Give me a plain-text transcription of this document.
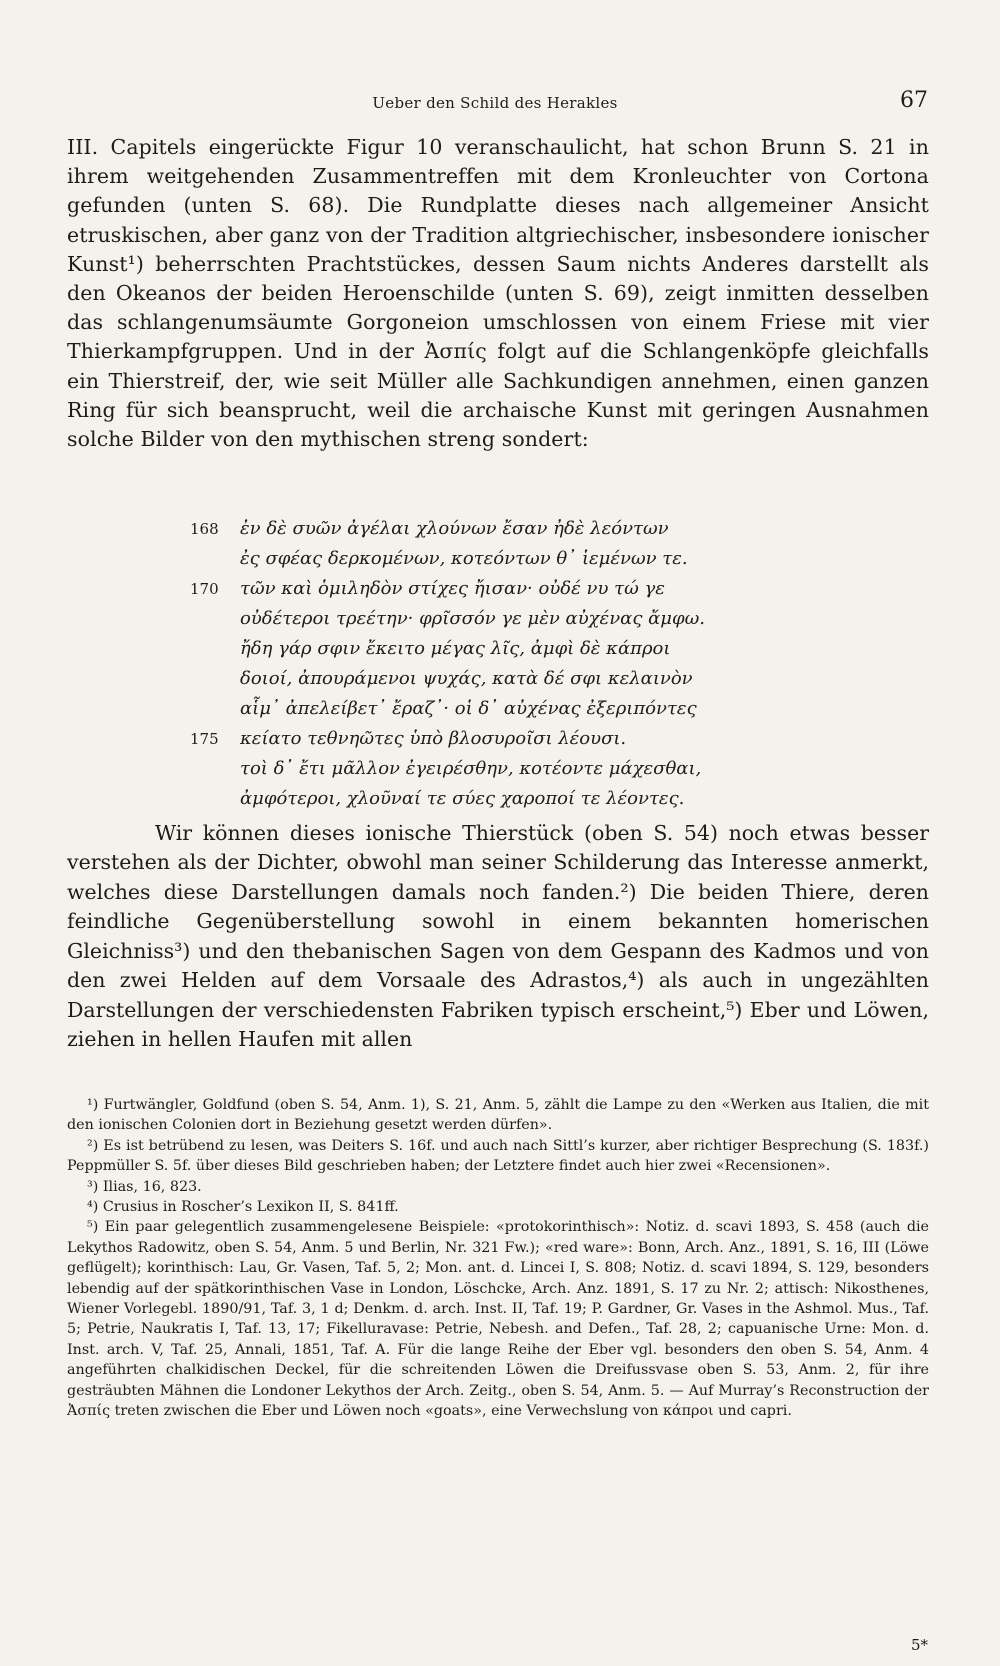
Ueber den Schild des Herakles	67

III. Capitels eingerückte Figur 10 veranschaulicht, hat schon Brunn S. 21 in ihrem weitgehenden Zusammentreffen mit dem Kronleuchter von Cortona gefunden (unten S. 68). Die Rundplatte dieses nach allgemeiner Ansicht etruskischen, aber ganz von der Tradition altgriechischer, insbesondere ionischer Kunst¹) beherrschten Prachtstückes, dessen Saum nichts Anderes darstellt als den Okeanos der beiden Heroenschilde (unten S. 69), zeigt inmitten desselben das schlangenumsäumte Gorgoneion umschlossen von einem Friese mit vier Thierkampfgruppen. Und in der Ἀσπίς folgt auf die Schlangenköpfe gleichfalls ein Thierstreif, der, wie seit Müller alle Sachkundigen annehmen, einen ganzen Ring für sich beansprucht, weil die archaische Kunst mit geringen Ausnahmen solche Bilder von den mythischen streng sondert:

168	ἐν δὲ συῶν ἀγέλαι χλούνων ἔσαν ἠδὲ λεόντων
ἐς σφέας δερκομένων, κοτεόντων θ᾽ ἱεμένων τε.
170	τῶν καὶ ὁμιληδὸν στίχες ἤισαν· οὐδέ νυ τώ γε
οὐδέτεροι τρεέτην· φρῖσσόν γε μὲν αὐχένας ἄμφω.
ἤδη γάρ σφιν ἔκειτο μέγας λῖς, ἀμφὶ δὲ κάπροι
δοιοί, ἀπουράμενοι ψυχάς, κατὰ δέ σφι κελαινὸν
αἷμ᾽ ἀπελείβετ᾽ ἔραζ᾽· οἱ δ᾽ αὐχένας ἐξεριπόντες
175	κείατο τεθνηῶτες ὑπὸ βλοσυροῖσι λέουσι.
τοὶ δ᾽ ἔτι μᾶλλον ἐγειρέσθην, κοτέοντε μάχεσθαι,
ἀμφότεροι, χλοῦναί τε σύες χαροποί τε λέοντες.

Wir können dieses ionische Thierstück (oben S. 54) noch etwas besser verstehen als der Dichter, obwohl man seiner Schilderung das Interesse anmerkt, welches diese Darstellungen damals noch fanden.²) Die beiden Thiere, deren feindliche Gegenüberstellung sowohl in einem bekannten homerischen Gleichniss³) und den thebanischen Sagen von dem Gespann des Kadmos und von den zwei Helden auf dem Vorsaale des Adrastos,⁴) als auch in ungezählten Darstellungen der verschiedensten Fabriken typisch erscheint,⁵) Eber und Löwen, ziehen in hellen Haufen mit allen

¹) Furtwängler, Goldfund (oben S. 54, Anm. 1), S. 21, Anm. 5, zählt die Lampe zu den «Werken aus Italien, die mit den ionischen Colonien dort in Beziehung gesetzt werden dürfen».

²) Es ist betrübend zu lesen, was Deiters S. 16f. und auch nach Sittl’s kurzer, aber richtiger Besprechung (S. 183f.) Peppmüller S. 5f. über dieses Bild geschrieben haben; der Letztere findet auch hier zwei «Recensionen».

³) Ilias, 16, 823.

⁴) Crusius in Roscher’s Lexikon II, S. 841ff.

⁵) Ein paar gelegentlich zusammengelesene Beispiele: «protokorinthisch»: Notiz. d. scavi 1893, S. 458 (auch die Lekythos Radowitz, oben S. 54, Anm. 5 und Berlin, Nr. 321 Fw.); «red ware»: Bonn, Arch. Anz., 1891, S. 16, III (Löwe geflügelt); korinthisch: Lau, Gr. Vasen, Taf. 5, 2; Mon. ant. d. Lincei I, S. 808; Notiz. d. scavi 1894, S. 129, besonders lebendig auf der spätkorinthischen Vase in London, Löschcke, Arch. Anz. 1891, S. 17 zu Nr. 2; attisch: Nikosthenes, Wiener Vorlegebl. 1890/91, Taf. 3, 1 d; Denkm. d. arch. Inst. II, Taf. 19; P. Gardner, Gr. Vases in the Ashmol. Mus., Taf. 5; Petrie, Naukratis I, Taf. 13, 17; Fikelluravase: Petrie, Nebesh. and Defen., Taf. 28, 2; capuanische Urne: Mon. d. Inst. arch. V, Taf. 25, Annali, 1851, Taf. A. Für die lange Reihe der Eber vgl. besonders den oben S. 54, Anm. 4 angeführten chalkidischen Deckel, für die schreitenden Löwen die Dreifussvase oben S. 53, Anm. 2, für ihre gesträubten Mähnen die Londoner Lekythos der Arch. Zeitg., oben S. 54, Anm. 5. — Auf Murray’s Reconstruction der Ἀσπίς treten zwischen die Eber und Löwen noch «goats», eine Verwechslung von κάπροι und capri.

5*
